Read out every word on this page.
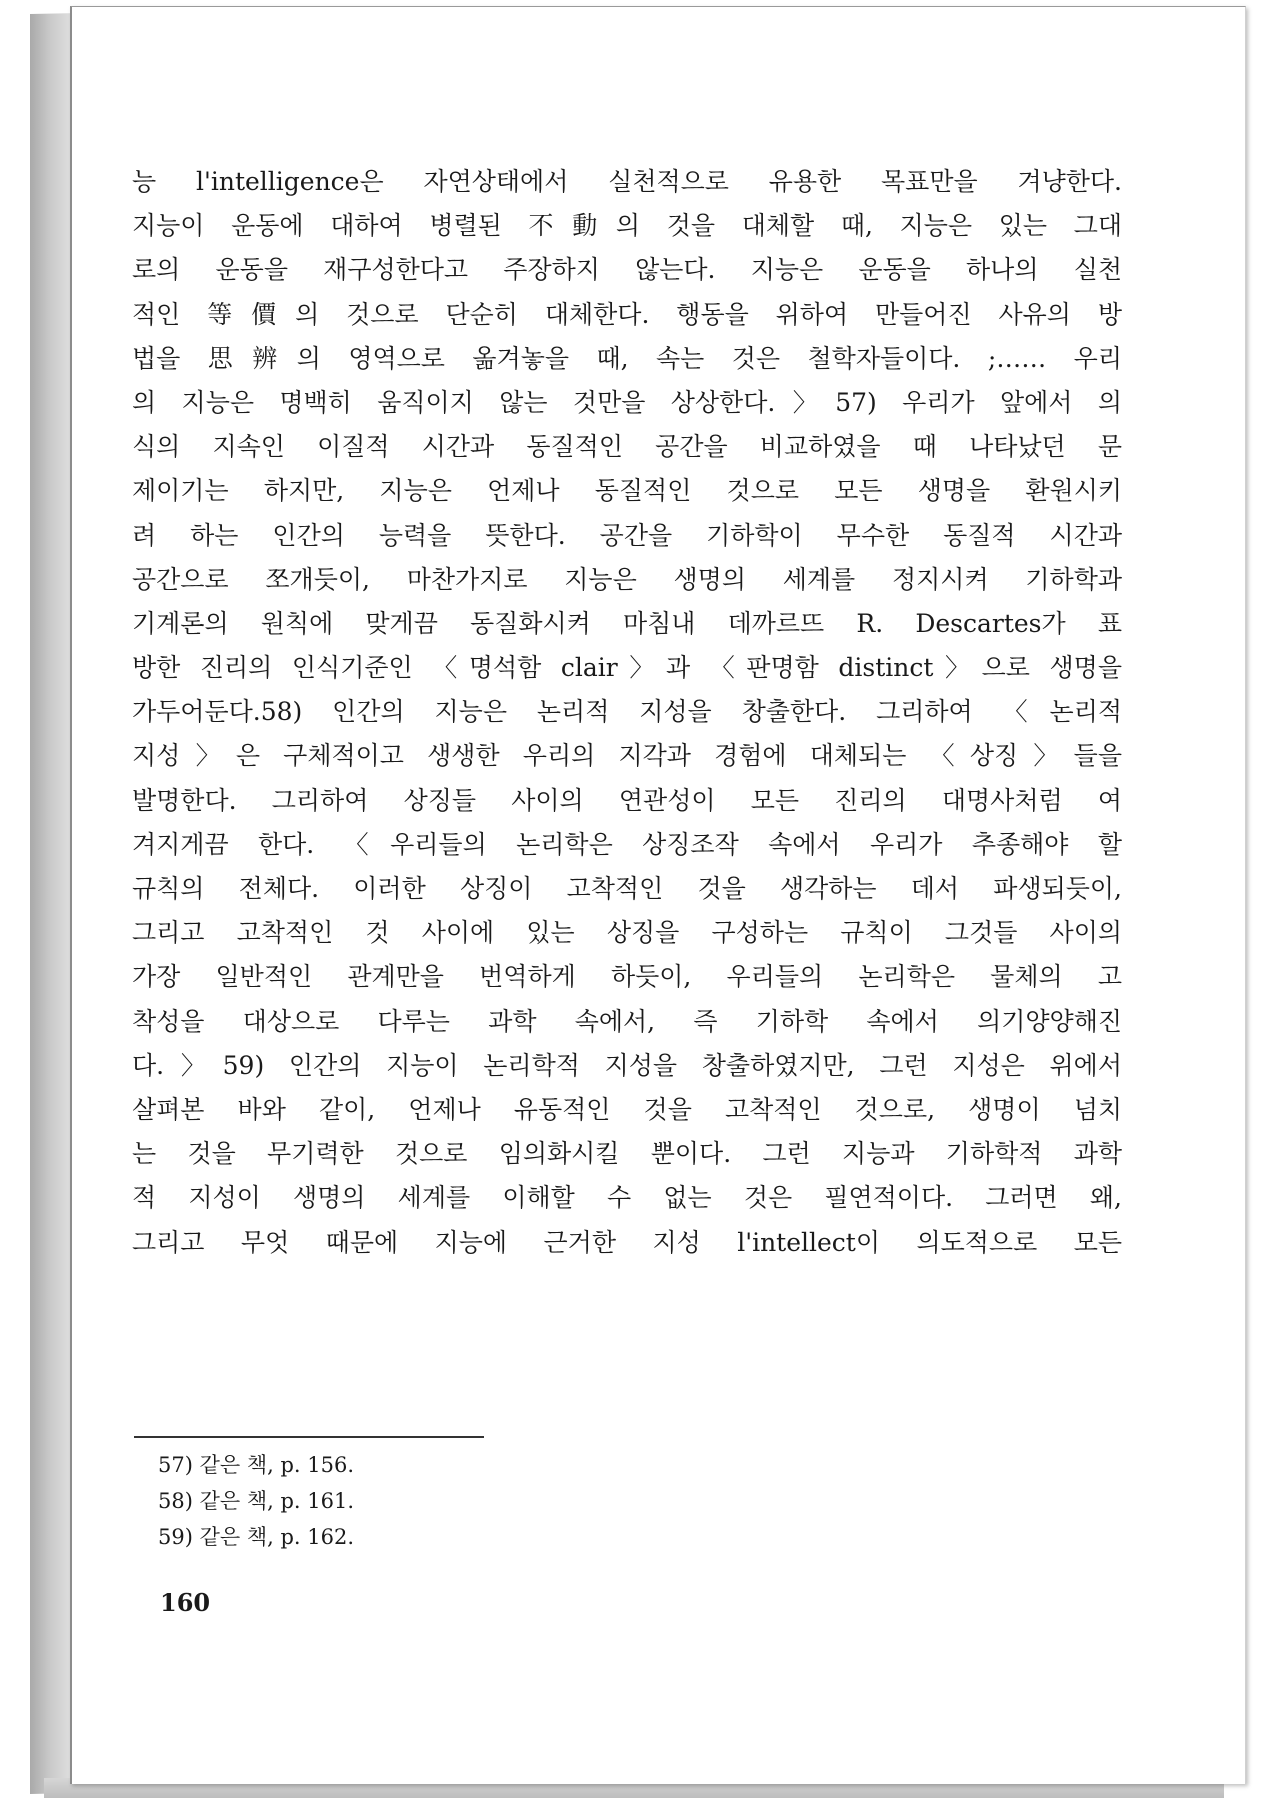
능 l'intelligence은 자연상태에서 실천적으로 유용한 목표만을 겨냥한다.
지능이 운동에 대하여 병렬된 不動의 것을 대체할 때, 지능은 있는 그대
로의 운동을 재구성한다고 주장하지 않는다. 지능은 운동을 하나의 실천
적인 等價의 것으로 단순히 대체한다. 행동을 위하여 만들어진 사유의 방
법을 思辨의 영역으로 옮겨놓을 때, 속는 것은 철학자들이다. ;…… 우리
의 지능은 명백히 움직이지 않는 것만을 상상한다.〉57) 우리가 앞에서 의
식의 지속인 이질적 시간과 동질적인 공간을 비교하였을 때 나타났던 문
제이기는 하지만, 지능은 언제나 동질적인 것으로 모든 생명을 환원시키
려 하는 인간의 능력을 뜻한다. 공간을 기하학이 무수한 동질적 시간과
공간으로 쪼개듯이, 마찬가지로 지능은 생명의 세계를 정지시켜 기하학과
기계론의 원칙에 맞게끔 동질화시켜 마침내 데까르뜨 R. Descartes가 표
방한 진리의 인식기준인 〈명석함 clair〉과 〈판명함 distinct〉으로 생명을
가두어둔다.58) 인간의 지능은 논리적 지성을 창출한다. 그리하여 〈논리적
지성〉은 구체적이고 생생한 우리의 지각과 경험에 대체되는 〈상징〉들을
발명한다. 그리하여 상징들 사이의 연관성이 모든 진리의 대명사처럼 여
겨지게끔 한다. 〈우리들의 논리학은 상징조작 속에서 우리가 추종해야 할
규칙의 전체다. 이러한 상징이 고착적인 것을 생각하는 데서 파생되듯이,
그리고 고착적인 것 사이에 있는 상징을 구성하는 규칙이 그것들 사이의
가장 일반적인 관계만을 번역하게 하듯이, 우리들의 논리학은 물체의 고
착성을 대상으로 다루는 과학 속에서, 즉 기하학 속에서 의기양양해진
다.〉59) 인간의 지능이 논리학적 지성을 창출하였지만, 그런 지성은 위에서
살펴본 바와 같이, 언제나 유동적인 것을 고착적인 것으로, 생명이 넘치
는 것을 무기력한 것으로 임의화시킬 뿐이다. 그런 지능과 기하학적 과학
적 지성이 생명의 세계를 이해할 수 없는 것은 필연적이다. 그러면 왜,
그리고 무엇 때문에 지능에 근거한 지성 l'intellect이 의도적으로 모든
57) 같은 책, p. 156.
58) 같은 책, p. 161.
59) 같은 책, p. 162.
160
